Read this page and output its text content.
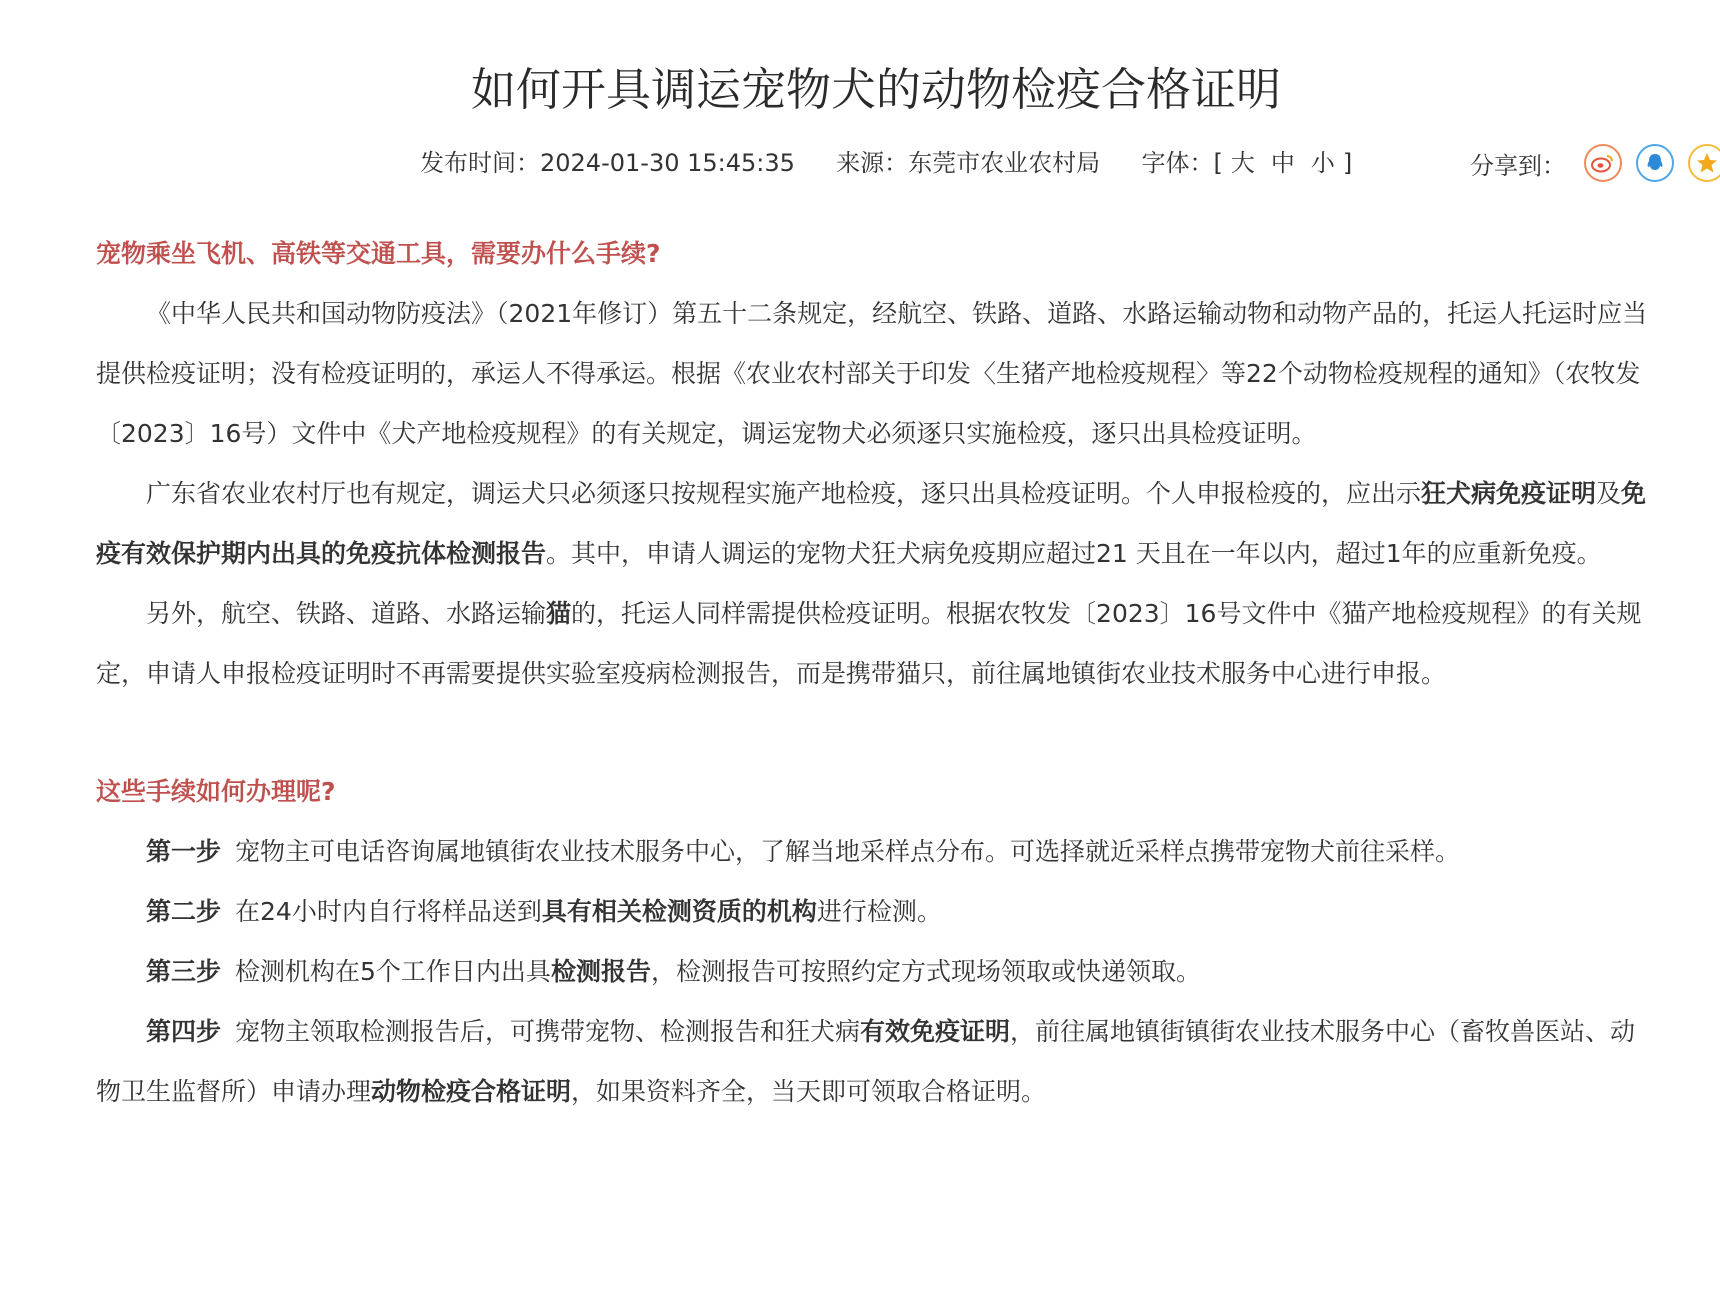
如何开具调运宠物犬的动物检疫合格证明
发布时间：2024-01-30 15:45:35 来源：东莞市农业农村局 字体：[ 大 中 小 ]	分享到：

宠物乘坐飞机、高铁等交通工具，需要办什么手续?

《中华人民共和国动物防疫法》（2021年修订）第五十二条规定，经航空、铁路、道路、水路运输动物和动物产品的，托运人托运时应当提供检疫证明；没有检疫证明的，承运人不得承运。根据《农业农村部关于印发〈生猪产地检疫规程〉等22个动物检疫规程的通知》（农牧发〔2023〕16号）文件中《犬产地检疫规程》的有关规定，调运宠物犬必须逐只实施检疫，逐只出具检疫证明。

广东省农业农村厅也有规定，调运犬只必须逐只按规程实施产地检疫，逐只出具检疫证明。个人申报检疫的，应出示狂犬病免疫证明及免疫有效保护期内出具的免疫抗体检测报告。其中，申请人调运的宠物犬狂犬病免疫期应超过21 天且在一年以内，超过1年的应重新免疫。

另外，航空、铁路、道路、水路运输猫的，托运人同样需提供检疫证明。根据农牧发〔2023〕16号文件中《猫产地检疫规程》的有关规定，申请人申报检疫证明时不再需要提供实验室疫病检测报告，而是携带猫只，前往属地镇街农业技术服务中心进行申报。

这些手续如何办理呢?

第一步 宠物主可电话咨询属地镇街农业技术服务中心，了解当地采样点分布。可选择就近采样点携带宠物犬前往采样。

第二步 在24小时内自行将样品送到具有相关检测资质的机构进行检测。

第三步 检测机构在5个工作日内出具检测报告，检测报告可按照约定方式现场领取或快递领取。

第四步 宠物主领取检测报告后，可携带宠物、检测报告和狂犬病有效免疫证明，前往属地镇街镇街农业技术服务中心（畜牧兽医站、动物卫生监督所）申请办理动物检疫合格证明，如果资料齐全，当天即可领取合格证明。
